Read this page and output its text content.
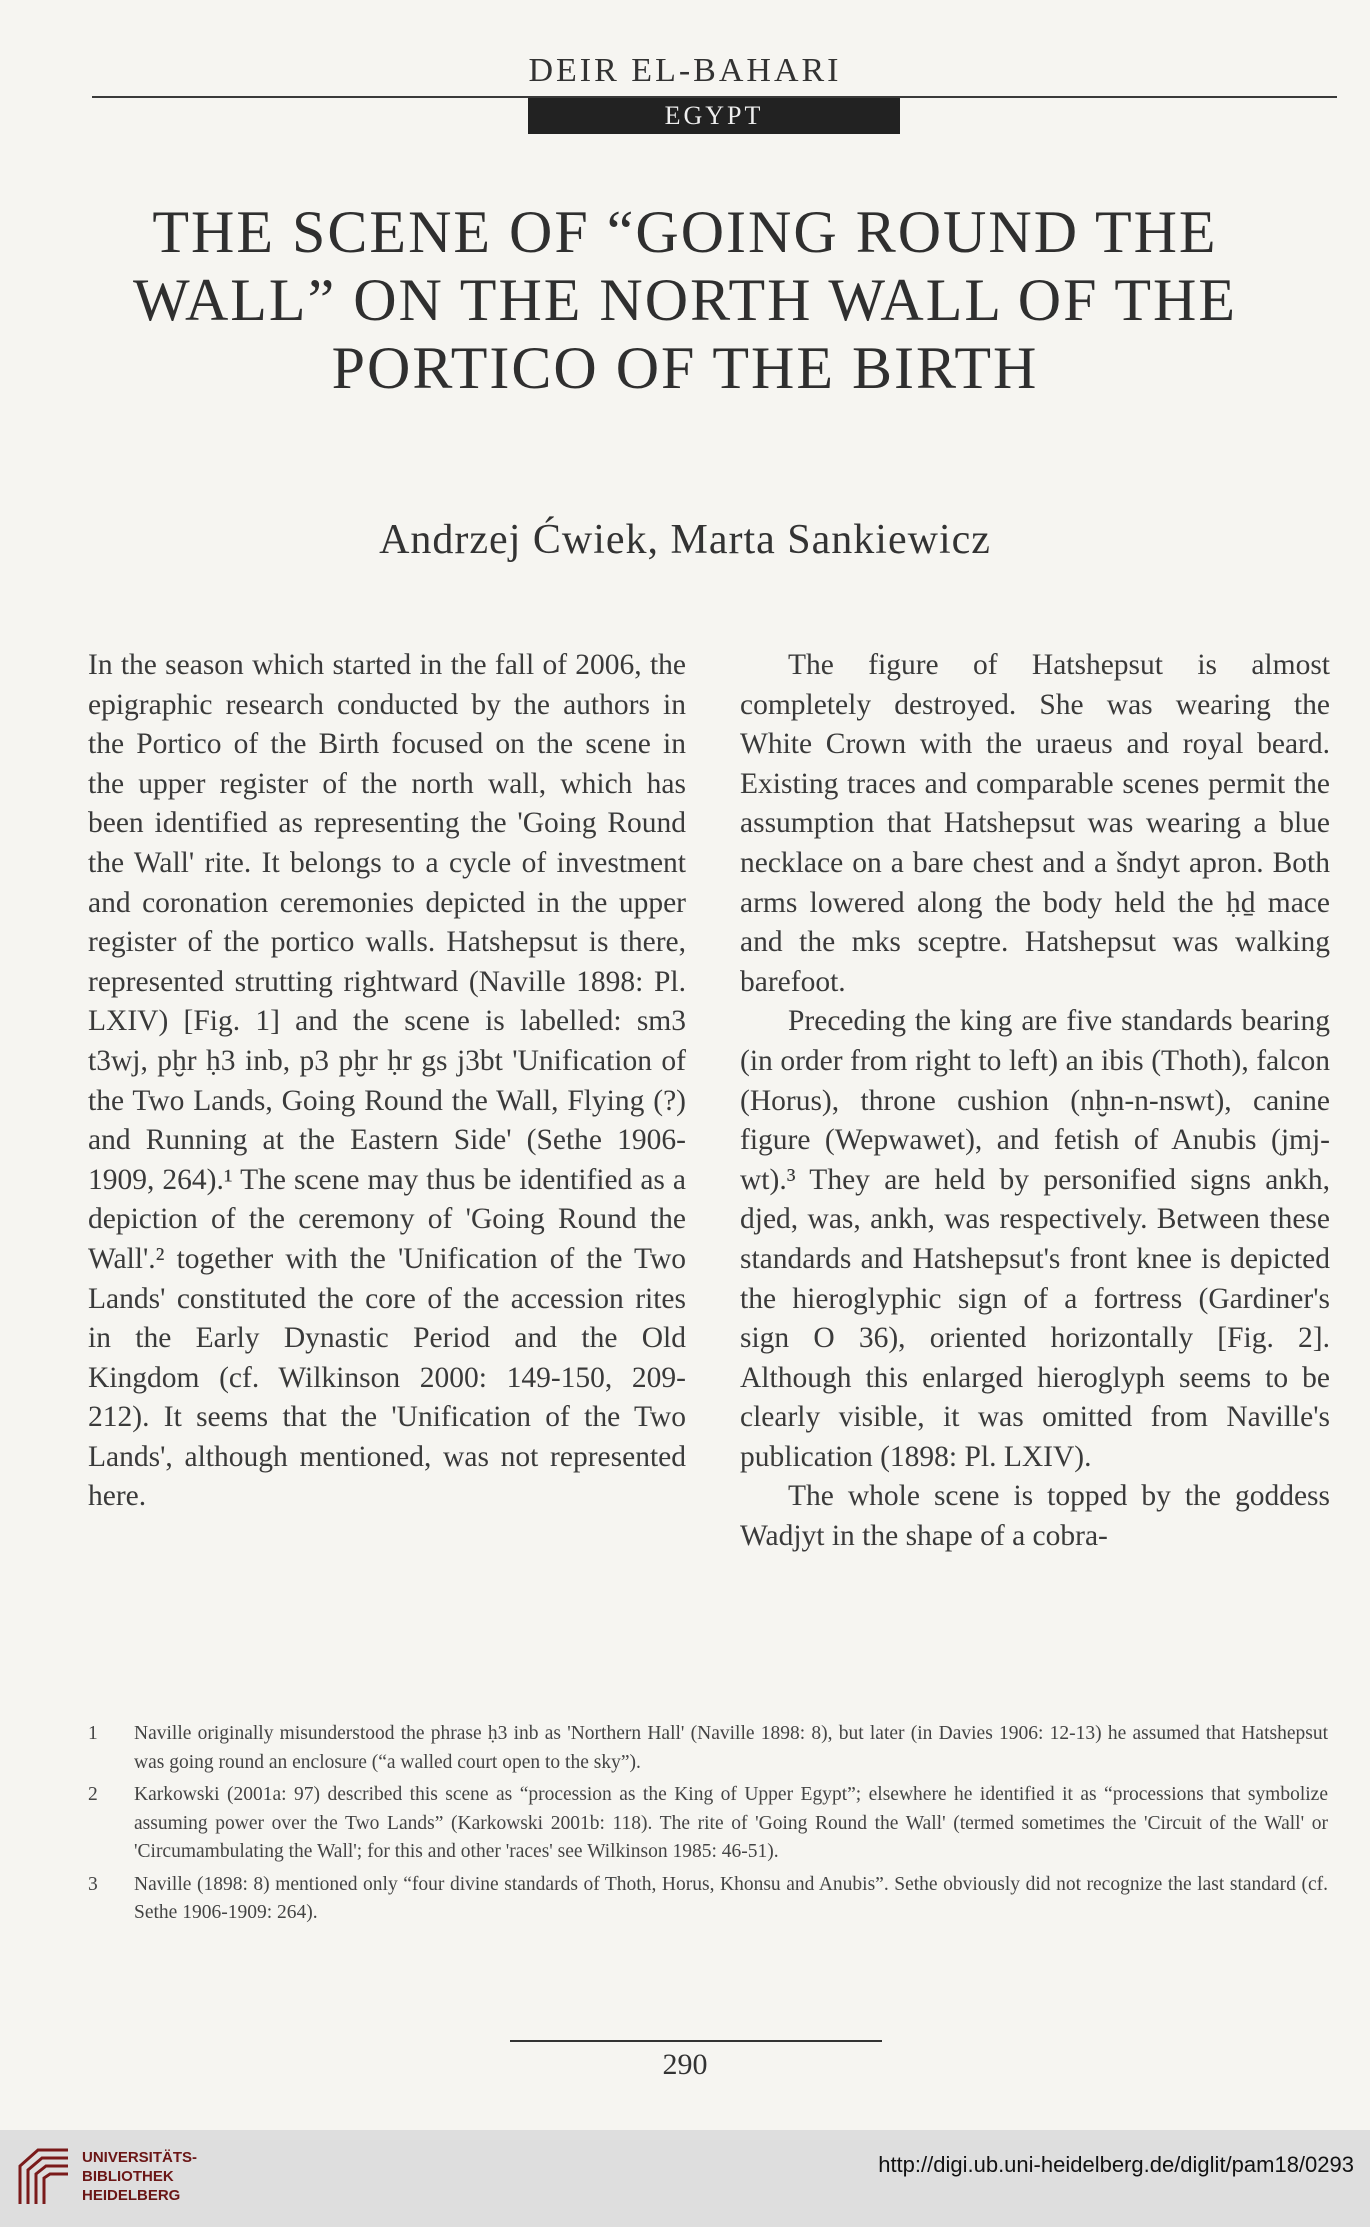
DEIR EL-BAHARI
EGYPT
THE SCENE OF “GOING ROUND THE WALL” ON THE NORTH WALL OF THE PORTICO OF THE BIRTH
Andrzej Ćwiek, Marta Sankiewicz

In the season which started in the fall of 2006, the epigraphic research conducted by the authors in the Portico of the Birth focused on the scene in the upper register of the north wall, which has been identified as representing the 'Going Round the Wall' rite. It belongs to a cycle of investment and coronation ceremonies depicted in the upper register of the portico walls. Hatshepsut is there, represented strutting rightward (Naville 1898: Pl. LXIV) [Fig. 1] and the scene is labelled: sm3 t3wj, pḫr ḥ3 inb, p3 pḫr ḥr gs j3bt 'Unification of the Two Lands, Going Round the Wall, Flying (?) and Running at the Eastern Side' (Sethe 1906-1909, 264).¹ The scene may thus be identified as a depiction of the ceremony of 'Going Round the Wall'.² together with the 'Unification of the Two Lands' constituted the core of the accession rites in the Early Dynastic Period and the Old Kingdom (cf. Wilkinson 2000: 149-150, 209-212). It seems that the 'Unification of the Two Lands', although mentioned, was not represented here.

The figure of Hatshepsut is almost completely destroyed. She was wearing the White Crown with the uraeus and royal beard. Existing traces and comparable scenes permit the assumption that Hatshepsut was wearing a blue necklace on a bare chest and a šndyt apron. Both arms lowered along the body held the ḥḏ mace and the mks sceptre. Hatshepsut was walking barefoot.

Preceding the king are five standards bearing (in order from right to left) an ibis (Thoth), falcon (Horus), throne cushion (nḫn-n-nswt), canine figure (Wepwawet), and fetish of Anubis (jmj-wt).³ They are held by personified signs ankh, djed, was, ankh, was respectively. Between these standards and Hatshepsut's front knee is depicted the hieroglyphic sign of a fortress (Gardiner's sign O 36), oriented horizontally [Fig. 2]. Although this enlarged hieroglyph seems to be clearly visible, it was omitted from Naville's publication (1898: Pl. LXIV).

The whole scene is topped by the goddess Wadjyt in the shape of a cobra-

1	Naville originally misunderstood the phrase ḥ3 inb as 'Northern Hall' (Naville 1898: 8), but later (in Davies 1906: 12-13) he assumed that Hatshepsut was going round an enclosure (“a walled court open to the sky”).
2	Karkowski (2001a: 97) described this scene as “procession as the King of Upper Egypt”; elsewhere he identified it as “processions that symbolize assuming power over the Two Lands” (Karkowski 2001b: 118). The rite of 'Going Round the Wall' (termed sometimes the 'Circuit of the Wall' or 'Circumambulating the Wall'; for this and other 'races' see Wilkinson 1985: 46-51).
3	Naville (1898: 8) mentioned only “four divine standards of Thoth, Horus, Khonsu and Anubis”. Sethe obviously did not recognize the last standard (cf. Sethe 1906-1909: 264).
290
UNIVERSITÄTS-
BIBLIOTHEK
HEIDELBERG
http://digi.ub.uni-heidelberg.de/diglit/pam18/0293
